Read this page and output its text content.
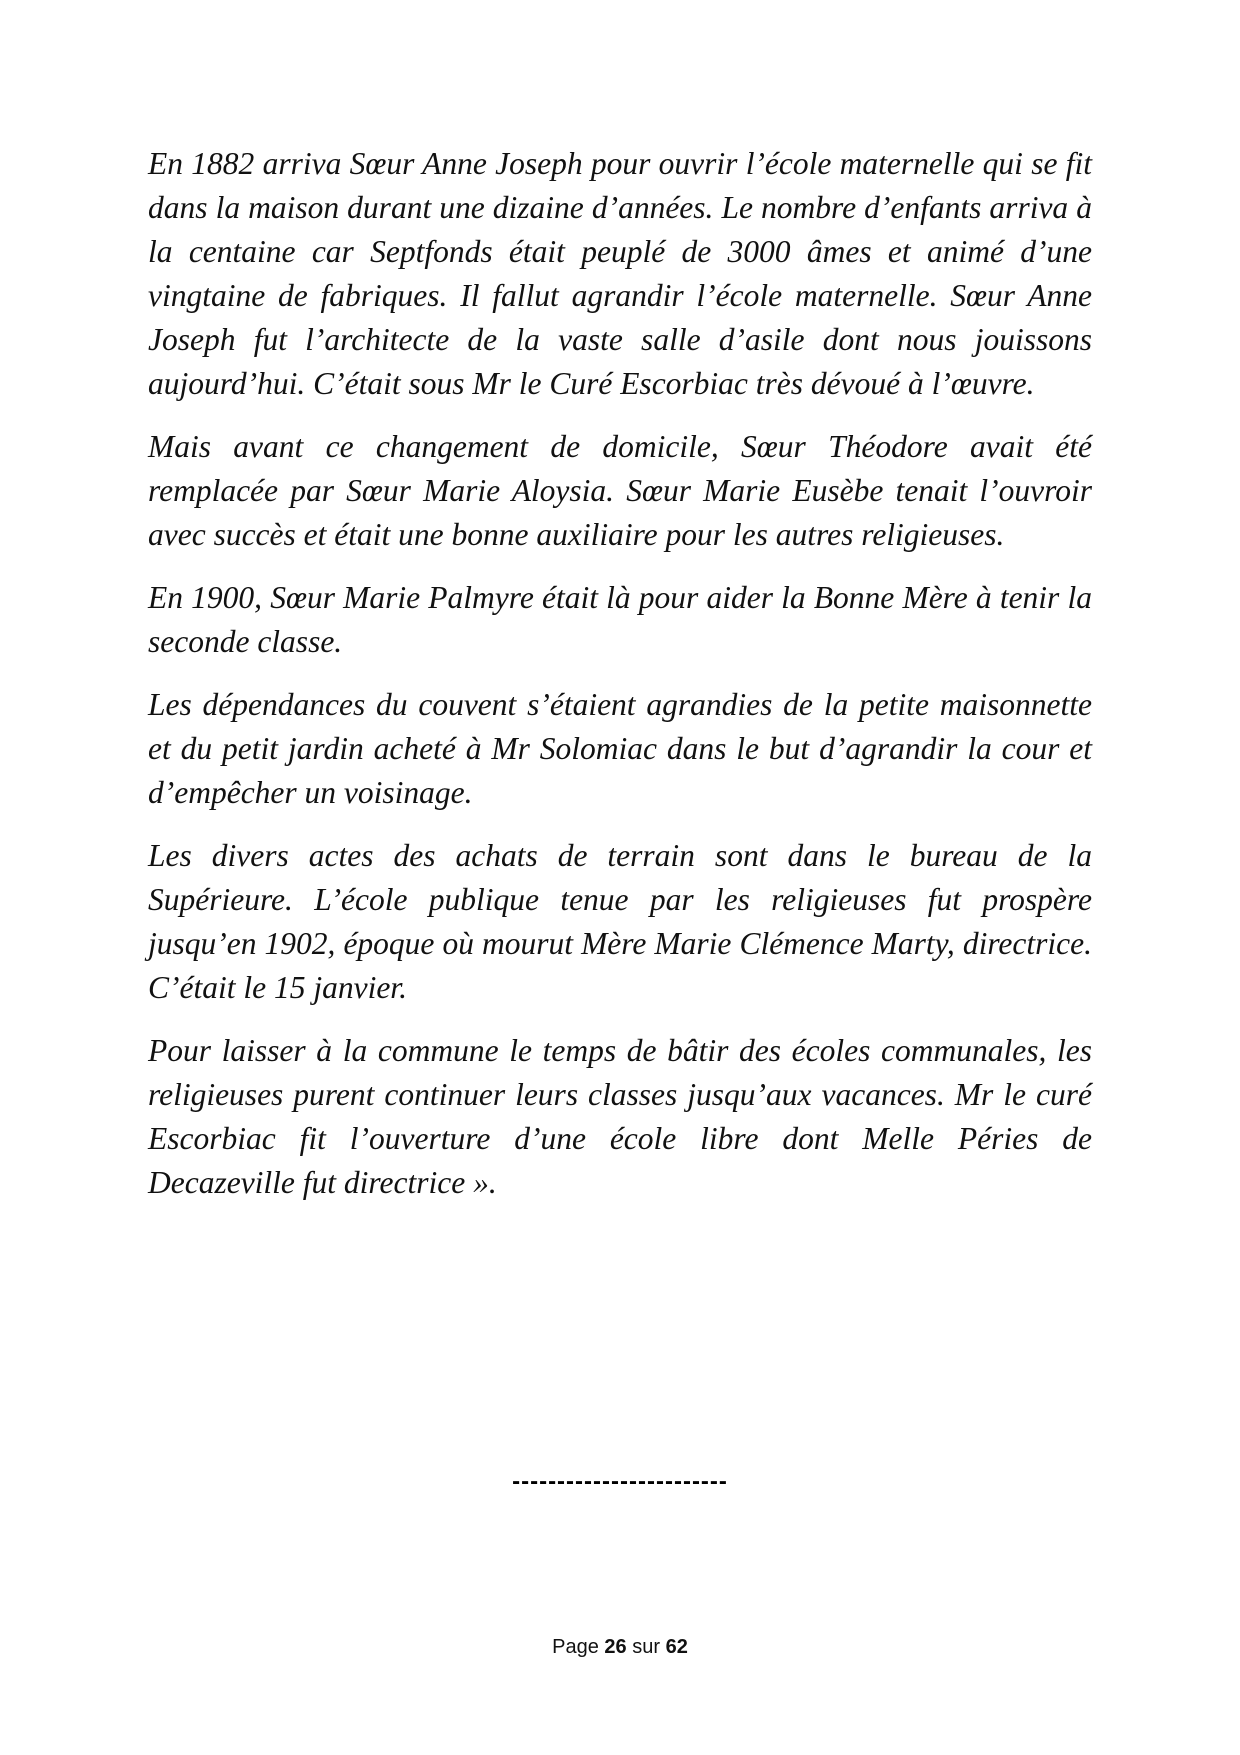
En 1882 arriva Sœur Anne Joseph pour ouvrir l’école maternelle qui se fit dans la maison durant une dizaine d’années. Le nombre d’enfants arriva à la centaine car Septfonds était peuplé de 3000 âmes et animé d’une vingtaine de fabriques. Il fallut agrandir l’école maternelle. Sœur Anne Joseph fut l’architecte de la vaste salle d’asile dont nous jouissons aujourd’hui. C’était sous Mr le Curé Escorbiac très dévoué à l’œuvre.

Mais avant ce changement de domicile, Sœur Théodore avait été remplacée par Sœur Marie Aloysia. Sœur Marie Eusèbe tenait l’ouvroir avec succès et était une bonne auxiliaire pour les autres religieuses.

En 1900, Sœur Marie Palmyre était là pour aider la Bonne Mère à tenir la seconde classe.

Les dépendances du couvent s’étaient agrandies de la petite maisonnette et du petit jardin acheté à Mr Solomiac dans le but d’agrandir la cour et d’empêcher un voisinage.

Les divers actes des achats de terrain sont dans le bureau de la Supérieure. L’école publique tenue par les religieuses fut prospère jusqu’en 1902, époque où mourut Mère Marie Clémence Marty, directrice. C’était le 15 janvier.

Pour laisser à la commune le temps de bâtir des écoles communales, les religieuses purent continuer leurs classes jusqu’aux vacances. Mr le curé Escorbiac fit l’ouverture d’une école libre dont Melle Péries de Decazeville fut directrice ».

------------------------
Page 26 sur 62
